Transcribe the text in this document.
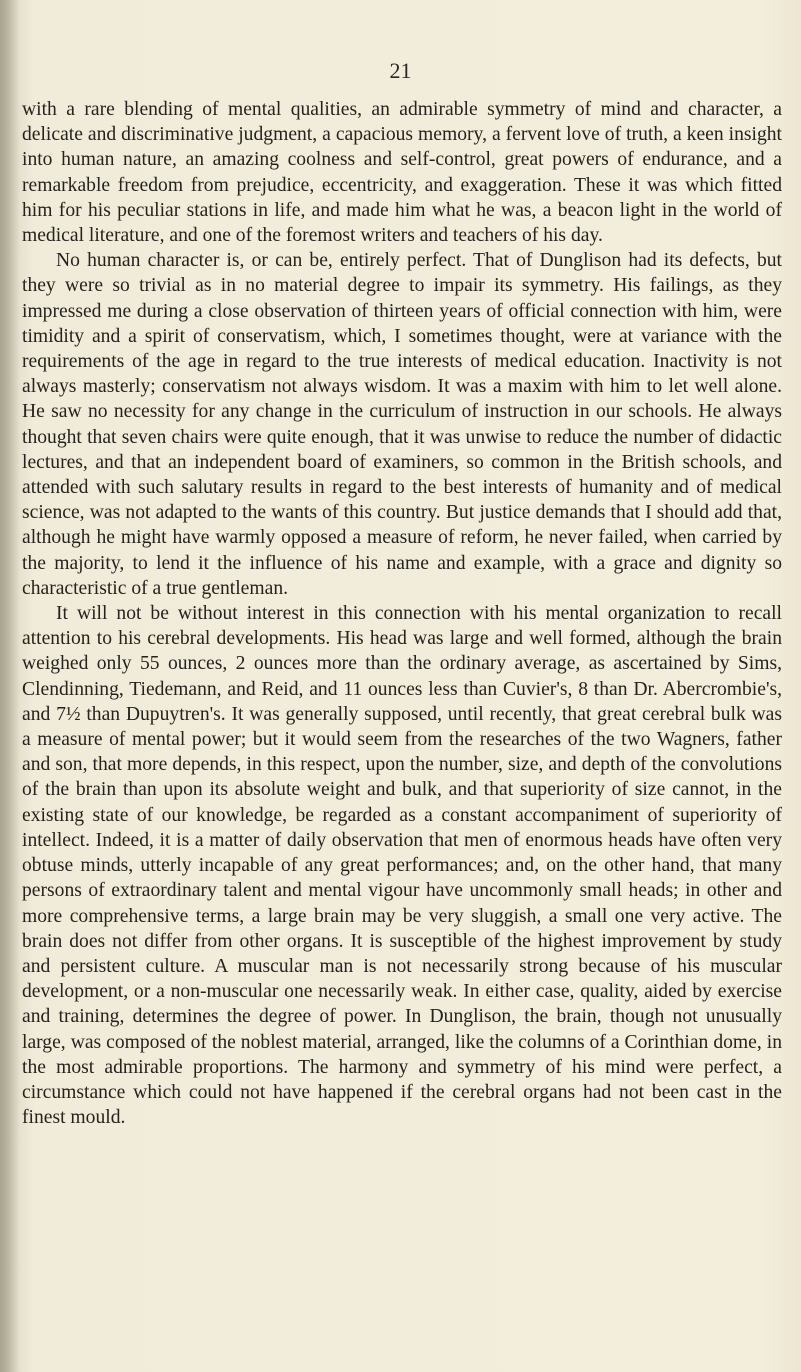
21

with a rare blending of mental qualities, an admirable symmetry of mind and character, a delicate and discriminative judgment, a capacious memory, a fervent love of truth, a keen insight into human nature, an amazing coolness and self-control, great powers of endurance, and a remarkable freedom from prejudice, eccentricity, and exaggeration. These it was which fitted him for his peculiar stations in life, and made him what he was, a beacon light in the world of medical literature, and one of the foremost writers and teachers of his day.

No human character is, or can be, entirely perfect. That of Dunglison had its defects, but they were so trivial as in no material degree to impair its symmetry. His failings, as they impressed me during a close observation of thirteen years of official connection with him, were timidity and a spirit of conservatism, which, I sometimes thought, were at variance with the requirements of the age in regard to the true interests of medical education. Inactivity is not always masterly; conservatism not always wisdom. It was a maxim with him to let well alone. He saw no necessity for any change in the curriculum of instruction in our schools. He always thought that seven chairs were quite enough, that it was unwise to reduce the number of didactic lectures, and that an independent board of examiners, so common in the British schools, and attended with such salutary results in regard to the best interests of humanity and of medical science, was not adapted to the wants of this country. But justice demands that I should add that, although he might have warmly opposed a measure of reform, he never failed, when carried by the majority, to lend it the influence of his name and example, with a grace and dignity so characteristic of a true gentleman.

It will not be without interest in this connection with his mental organization to recall attention to his cerebral developments. His head was large and well formed, although the brain weighed only 55 ounces, 2 ounces more than the ordinary average, as ascertained by Sims, Clendinning, Tiedemann, and Reid, and 11 ounces less than Cuvier's, 8 than Dr. Abercrombie's, and 7½ than Dupuytren's. It was generally supposed, until recently, that great cerebral bulk was a measure of mental power; but it would seem from the researches of the two Wagners, father and son, that more depends, in this respect, upon the number, size, and depth of the convolutions of the brain than upon its absolute weight and bulk, and that superiority of size cannot, in the existing state of our knowledge, be regarded as a constant accompaniment of superiority of intellect. Indeed, it is a matter of daily observation that men of enormous heads have often very obtuse minds, utterly incapable of any great performances; and, on the other hand, that many persons of extraordinary talent and mental vigour have uncommonly small heads; in other and more comprehensive terms, a large brain may be very sluggish, a small one very active. The brain does not differ from other organs. It is susceptible of the highest improvement by study and persistent culture. A muscular man is not necessarily strong because of his muscular development, or a non-muscular one necessarily weak. In either case, quality, aided by exercise and training, determines the degree of power. In Dunglison, the brain, though not unusually large, was composed of the noblest material, arranged, like the columns of a Corinthian dome, in the most admirable proportions. The harmony and symmetry of his mind were perfect, a circumstance which could not have happened if the cerebral organs had not been cast in the finest mould.
